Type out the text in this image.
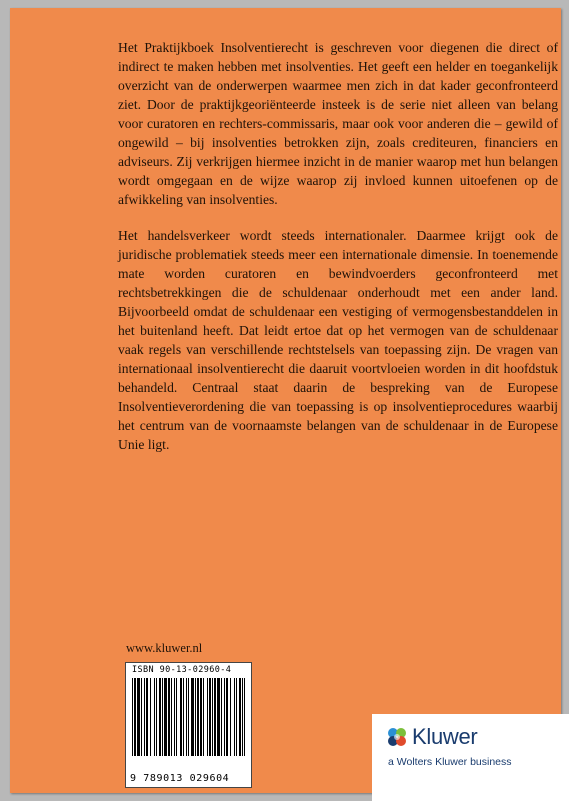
Het Praktijkboek Insolventierecht is geschreven voor diegenen die direct of indirect te maken hebben met insolventies. Het geeft een helder en toegankelijk overzicht van de onderwerpen waarmee men zich in dat kader geconfronteerd ziet. Door de praktijkgeoriënteerde insteek is de serie niet alleen van belang voor curatoren en rechters-commissaris, maar ook voor anderen die – gewild of ongewild – bij insolventies betrokken zijn, zoals crediteuren, financiers en adviseurs. Zij verkrijgen hiermee inzicht in de manier waarop met hun belangen wordt omgegaan en de wijze waarop zij invloed kunnen uitoefenen op de afwikkeling van insolventies.

Het handelsverkeer wordt steeds internationaler. Daarmee krijgt ook de juridische problematiek steeds meer een internationale dimensie. In toenemende mate worden curatoren en bewindvoerders geconfronteerd met rechtsbetrekkingen die de schuldenaar onderhoudt met een ander land. Bijvoorbeeld omdat de schuldenaar een vestiging of vermogensbestanddelen in het buitenland heeft. Dat leidt ertoe dat op het vermogen van de schuldenaar vaak regels van verschillende rechtstelsels van toepassing zijn. De vragen van internationaal insolventierecht die daaruit voortvloeien worden in dit hoofdstuk behandeld. Centraal staat daarin de bespreking van de Europese Insolventieverordening die van toepassing is op insolventieprocedures waarbij het centrum van de voornaamste belangen van de schuldenaar in de Europese Unie ligt.

www.kluwer.nl
ISBN 90-13-02960-4
9 789013 029604
Kluwer
a Wolters Kluwer business
